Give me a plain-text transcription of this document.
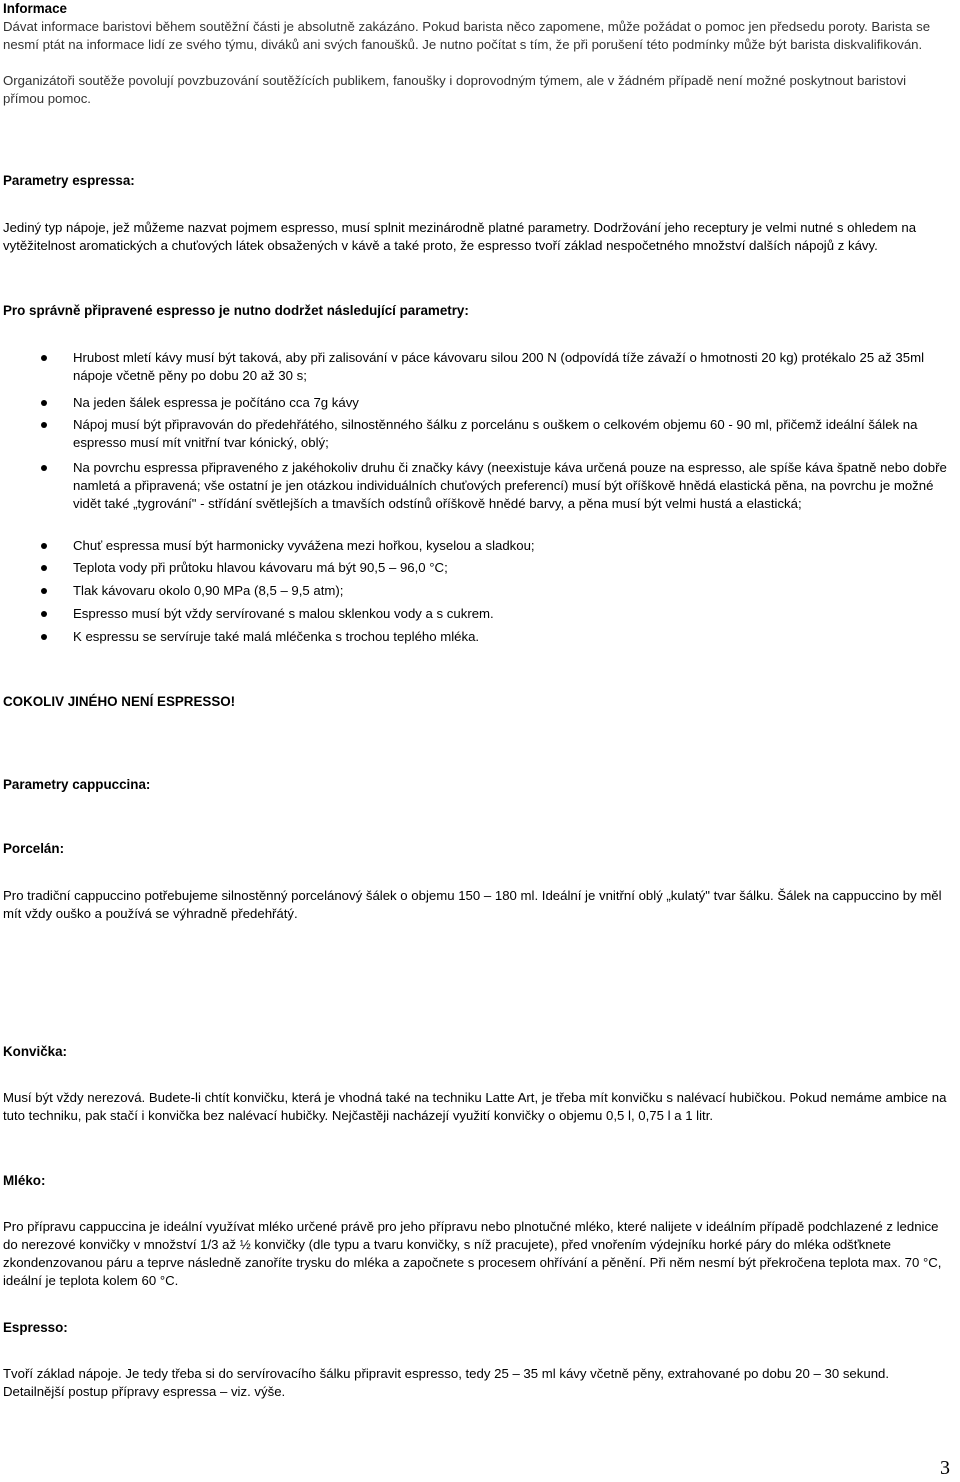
Informace
Dávat informace baristovi během soutěžní části je absolutně zakázáno. Pokud barista něco zapomene, může požádat o pomoc jen předsedu poroty. Barista se nesmí ptát na informace lidí ze svého týmu, diváků ani svých fanoušků. Je nutno počítat s tím, že při porušení této podmínky může být barista diskvalifikován.
Organizátoři soutěže povolují povzbuzování soutěžících publikem, fanoušky i doprovodným týmem, ale v žádném případě není možné poskytnout baristovi přímou pomoc.
Parametry espressa:
Jediný typ nápoje, jež můžeme nazvat pojmem espresso, musí splnit mezinárodně platné parametry. Dodržování jeho receptury je velmi nutné s ohledem na vytěžitelnost aromatických a chuťových látek obsažených v kávě a také proto, že espresso tvoří základ nespočetného množství dalších nápojů z kávy.
Pro správně připravené espresso je nutno dodržet následující parametry:
Hrubost mletí kávy musí být taková, aby při zalisování v páce kávovaru silou 200 N (odpovídá tíže závaží o hmotnosti 20 kg) protékalo 25 až 35ml nápoje včetně pěny po dobu 20 až 30 s;
Na jeden šálek espressa je počítáno cca 7g kávy
Nápoj musí být připravován do předehřátého, silnostěnného šálku z porcelánu s ouškem o celkovém objemu 60 - 90 ml, přičemž ideální šálek na espresso musí mít vnitřní tvar kónický, oblý;
Na povrchu espressa připraveného z jakéhokoliv druhu či značky kávy (neexistuje káva určená pouze na espresso, ale spíše káva špatně nebo dobře namletá a připravená; vše ostatní je jen otázkou individuálních chuťových preferencí) musí být oříškově hnědá elastická pěna, na povrchu je možné vidět také „tygrování" - střídání světlejších a tmavších odstínů oříškově hnědé barvy, a pěna musí být velmi hustá a elastická;
Chuť espressa musí být harmonicky vyvážena mezi hořkou, kyselou a sladkou;
Teplota vody při průtoku hlavou kávovaru má být 90,5 – 96,0 °C;
Tlak kávovaru okolo 0,90 MPa (8,5 – 9,5 atm);
Espresso musí být vždy servírované s malou sklenkou vody a s cukrem.
K espressu se servíruje také malá mléčenka s trochou teplého mléka.
COKOLIV JINÉHO NENÍ ESPRESSO!
Parametry cappuccina:
Porcelán:
Pro tradiční cappuccino potřebujeme silnostěnný porcelánový šálek o objemu 150 – 180 ml. Ideální je vnitřní oblý „kulatý" tvar šálku. Šálek na cappuccino by měl mít vždy ouško a používá se výhradně předehřátý.
Konvička:
Musí být vždy nerezová. Budete-li chtít konvičku, která je vhodná také na techniku Latte Art, je třeba mít konvičku s nalévací hubičkou. Pokud nemáme ambice na tuto techniku, pak stačí i konvička bez nalévací hubičky. Nejčastěji nacházejí využití konvičky o objemu 0,5 l, 0,75 l a 1 litr.
Mléko:
Pro přípravu cappuccina je ideální využívat mléko určené právě pro jeho přípravu nebo plnotučné mléko, které nalijete v ideálním případě podchlazené z lednice do nerezové konvičky v množství 1/3 až ½ konvičky (dle typu a tvaru konvičky, s níž pracujete), před vnořením výdejníku horké páry do mléka odšťknete zkondenzovanou páru a teprve následně zanoříte trysku do mléka a započnete s procesem ohřívání a pěnění. Při něm nesmí být překročena teplota max. 70 °C, ideální je teplota kolem 60 °C.
Espresso:
Tvoří základ nápoje. Je tedy třeba si do servírovacího šálku připravit espresso, tedy 25 – 35 ml kávy včetně pěny, extrahované po dobu 20 – 30 sekund. Detailnější postup přípravy espressa – viz. výše.
3
